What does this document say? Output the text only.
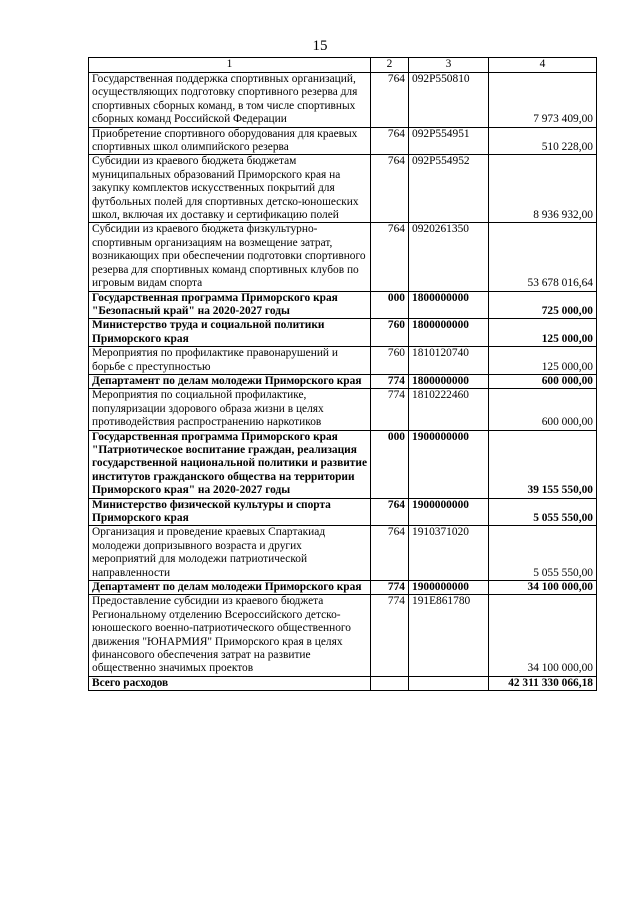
15
1	2	3	4
Государственная поддержка спортивных организаций, осуществляющих подготовку спортивного резерва для спортивных сборных команд, в том числе спортивных сборных команд Российской Федерации	764	092P550810	7 973 409,00
Приобретение спортивного оборудования для краевых спортивных школ олимпийского резерва	764	092P554951	510 228,00
Субсидии из краевого бюджета бюджетам муниципальных образований Приморского края на закупку комплектов искусственных покрытий для футбольных полей для спортивных детско-юношеских школ, включая их доставку и сертификацию полей	764	092P554952	8 936 932,00
Субсидии из краевого бюджета физкультурно-спортивным организациям на возмещение затрат, возникающих при обеспечении подготовки спортивного резерва для спортивных команд спортивных клубов по игровым видам спорта	764	0920261350	53 678 016,64
Государственная программа Приморского края "Безопасный край" на 2020-2027 годы	000	1800000000	725 000,00
Министерство труда и социальной политики Приморского края	760	1800000000	125 000,00
Мероприятия по профилактике правонарушений и борьбе с преступностью	760	1810120740	125 000,00
Департамент по делам молодежи Приморского края	774	1800000000	600 000,00
Мероприятия по социальной профилактике, популяризации здорового образа жизни в целях противодействия распространению наркотиков	774	1810222460	600 000,00
Государственная программа Приморского края "Патриотическое воспитание граждан, реализация государственной национальной политики и развитие институтов гражданского общества на территории Приморского края" на 2020-2027 годы	000	1900000000	39 155 550,00
Министерство физической культуры и спорта Приморского края	764	1900000000	5 055 550,00
Организация и проведение краевых Спартакиад молодежи допризывного возраста и других мероприятий для молодежи патриотической направленности	764	1910371020	5 055 550,00
Департамент по делам молодежи Приморского края	774	1900000000	34 100 000,00
Предоставление субсидии из краевого бюджета Региональному отделению Всероссийского детско-юношеского военно-патриотического общественного движения "ЮНАРМИЯ" Приморского края в целях финансового обеспечения затрат на развитие общественно значимых проектов	774	191E861780	34 100 000,00
Всего расходов			42 311 330 066,18
